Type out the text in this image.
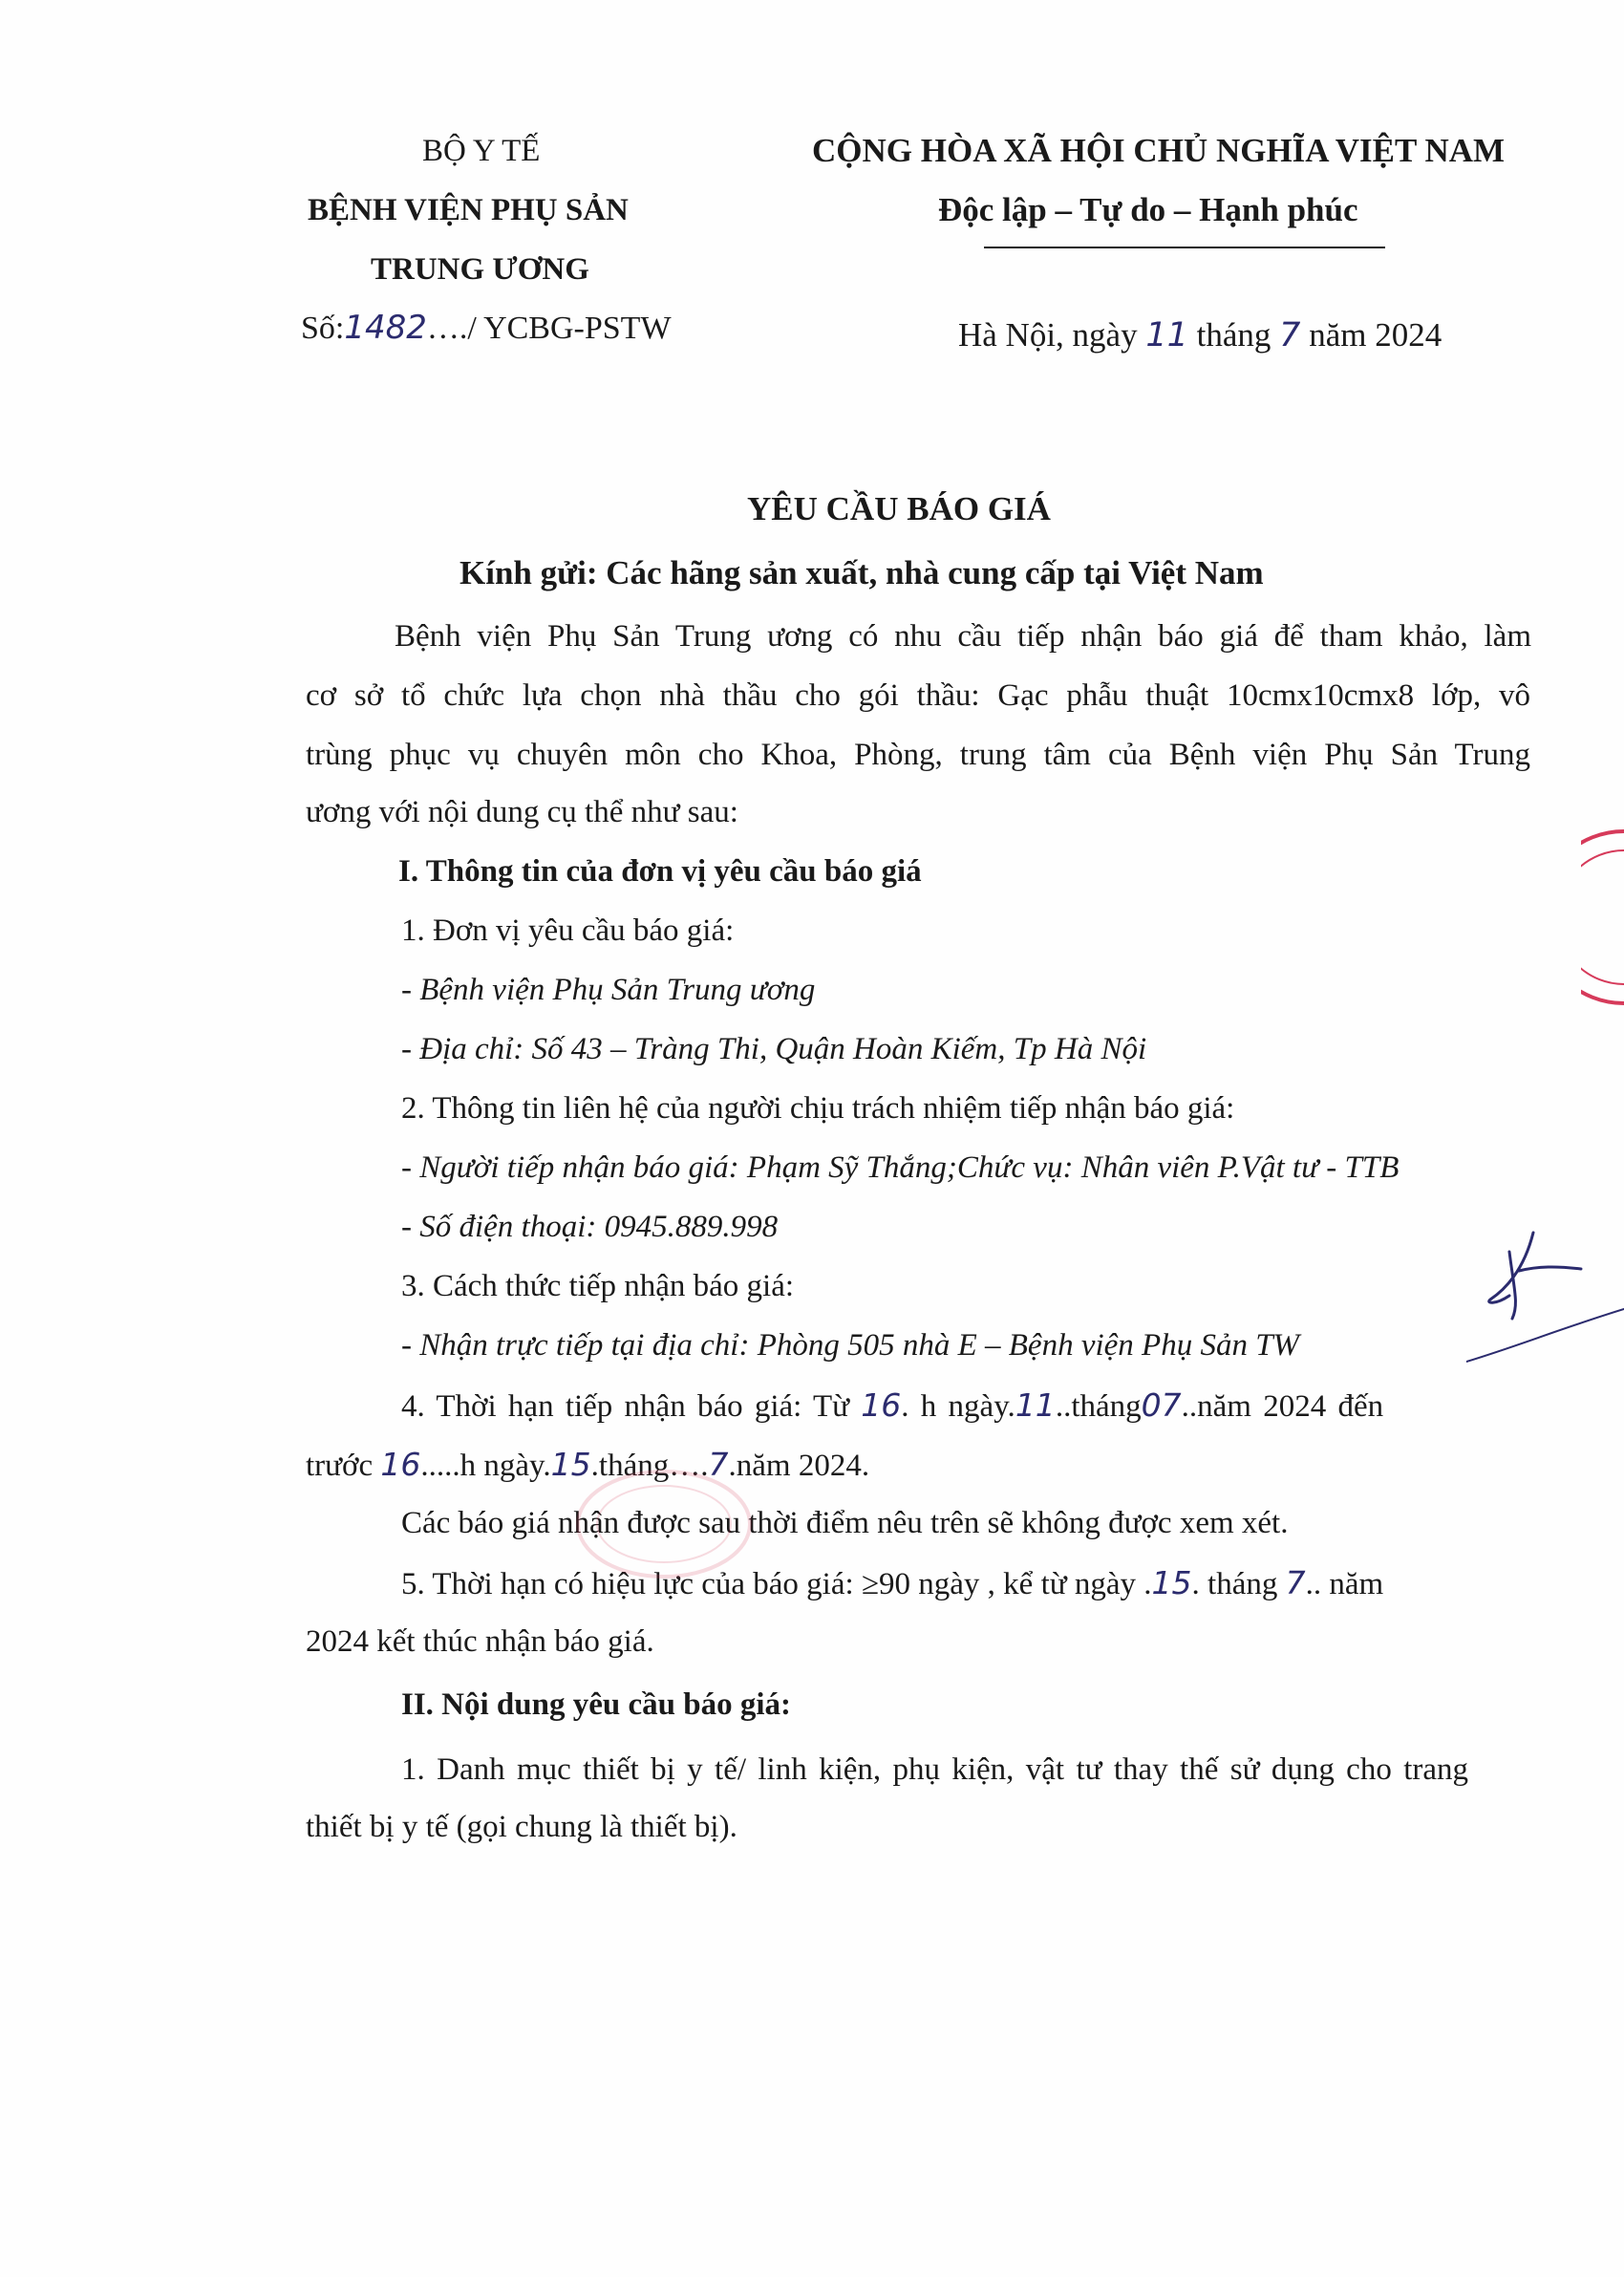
BỘ Y TẾ
BỆNH VIỆN PHỤ SẢN
TRUNG ƯƠNG
Số:1482…./ YCBG-PSTW
CỘNG HÒA XÃ HỘI CHỦ NGHĨA VIỆT NAM
Độc lập – Tự do – Hạnh phúc
Hà Nội, ngày 11 tháng 7 năm 2024
YÊU CẦU BÁO GIÁ
Kính gửi: Các hãng sản xuất, nhà cung cấp tại Việt Nam
Bệnh viện Phụ Sản Trung ương có nhu cầu tiếp nhận báo giá để tham khảo, làm
cơ sở tổ chức lựa chọn nhà thầu cho gói thầu: Gạc phẫu thuật 10cmx10cmx8 lớp, vô
trùng phục vụ chuyên môn cho Khoa, Phòng, trung tâm của Bệnh viện Phụ Sản Trung
ương với nội dung cụ thể như sau:
I. Thông tin của đơn vị yêu cầu báo giá
1. Đơn vị yêu cầu báo giá:
- Bệnh viện Phụ Sản Trung ương
- Địa chỉ: Số 43 – Tràng Thi, Quận Hoàn Kiếm, Tp Hà Nội
2. Thông tin liên hệ của người chịu trách nhiệm tiếp nhận báo giá:
- Người tiếp nhận báo giá: Phạm Sỹ Thắng;Chức vụ: Nhân viên P.Vật tư - TTB
- Số điện thoại: 0945.889.998
3. Cách thức tiếp nhận báo giá:
- Nhận trực tiếp tại địa chỉ: Phòng 505 nhà E – Bệnh viện Phụ Sản TW
4. Thời hạn tiếp nhận báo giá: Từ 16. h ngày.11..tháng07..năm 2024 đến
trước 16.....h ngày.15.tháng….7.năm 2024.
Các báo giá nhận được sau thời điểm nêu trên sẽ không được xem xét.
5. Thời hạn có hiệu lực của báo giá: ≥90 ngày , kể từ ngày .15. tháng 7.. năm
2024 kết thúc nhận báo giá.
II. Nội dung yêu cầu báo giá:
1. Danh mục thiết bị y tế/ linh kiện, phụ kiện, vật tư thay thế sử dụng cho trang
thiết bị y tế (gọi chung là thiết bị).
